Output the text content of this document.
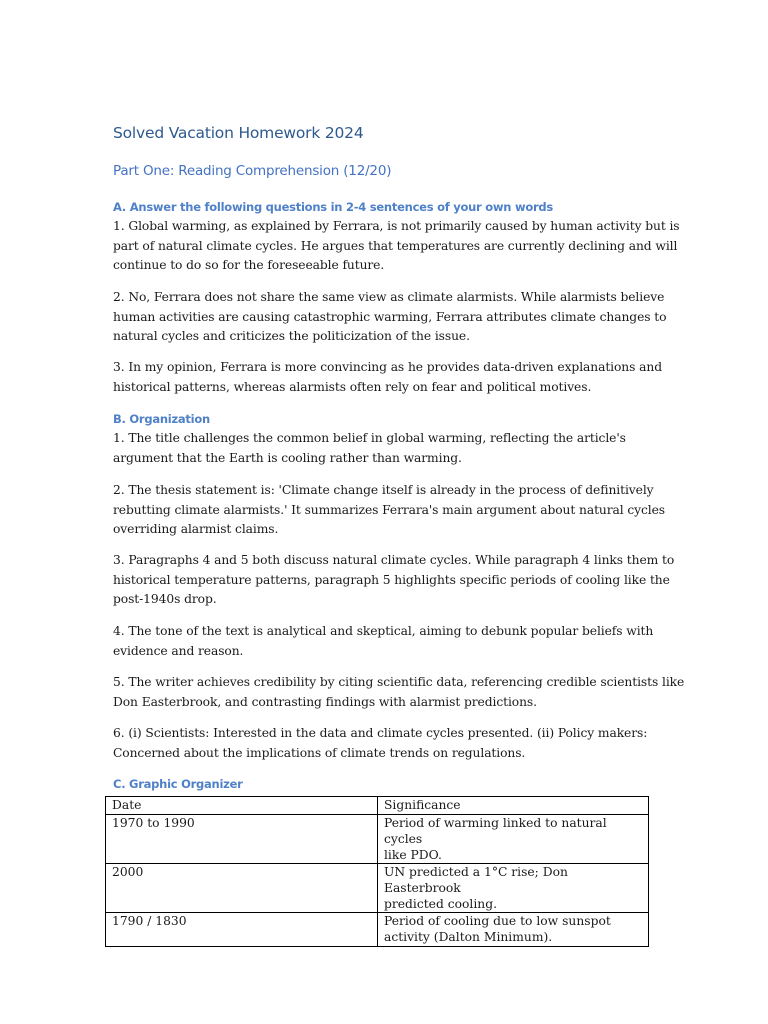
Solved Vacation Homework 2024
Part One: Reading Comprehension (12/20)
A. Answer the following questions in 2-4 sentences of your own words
1. Global warming, as explained by Ferrara, is not primarily caused by human activity but is
part of natural climate cycles. He argues that temperatures are currently declining and will
continue to do so for the foreseeable future.
2. No, Ferrara does not share the same view as climate alarmists. While alarmists believe
human activities are causing catastrophic warming, Ferrara attributes climate changes to
natural cycles and criticizes the politicization of the issue.
3. In my opinion, Ferrara is more convincing as he provides data-driven explanations and
historical patterns, whereas alarmists often rely on fear and political motives.
B. Organization
1. The title challenges the common belief in global warming, reflecting the article's
argument that the Earth is cooling rather than warming.
2. The thesis statement is: 'Climate change itself is already in the process of definitively
rebutting climate alarmists.' It summarizes Ferrara's main argument about natural cycles
overriding alarmist claims.
3. Paragraphs 4 and 5 both discuss natural climate cycles. While paragraph 4 links them to
historical temperature patterns, paragraph 5 highlights specific periods of cooling like the
post-1940s drop.
4. The tone of the text is analytical and skeptical, aiming to debunk popular beliefs with
evidence and reason.
5. The writer achieves credibility by citing scientific data, referencing credible scientists like
Don Easterbrook, and contrasting findings with alarmist predictions.
6. (i) Scientists: Interested in the data and climate cycles presented. (ii) Policy makers:
Concerned about the implications of climate trends on regulations.
C. Graphic Organizer
Date	Significance
1970 to 1990	Period of warming linked to natural cycles
like PDO.

2000	UN predicted a 1°C rise; Don Easterbrook
predicted cooling.

1790 / 1830	Period of cooling due to low sunspot
activity (Dalton Minimum).
